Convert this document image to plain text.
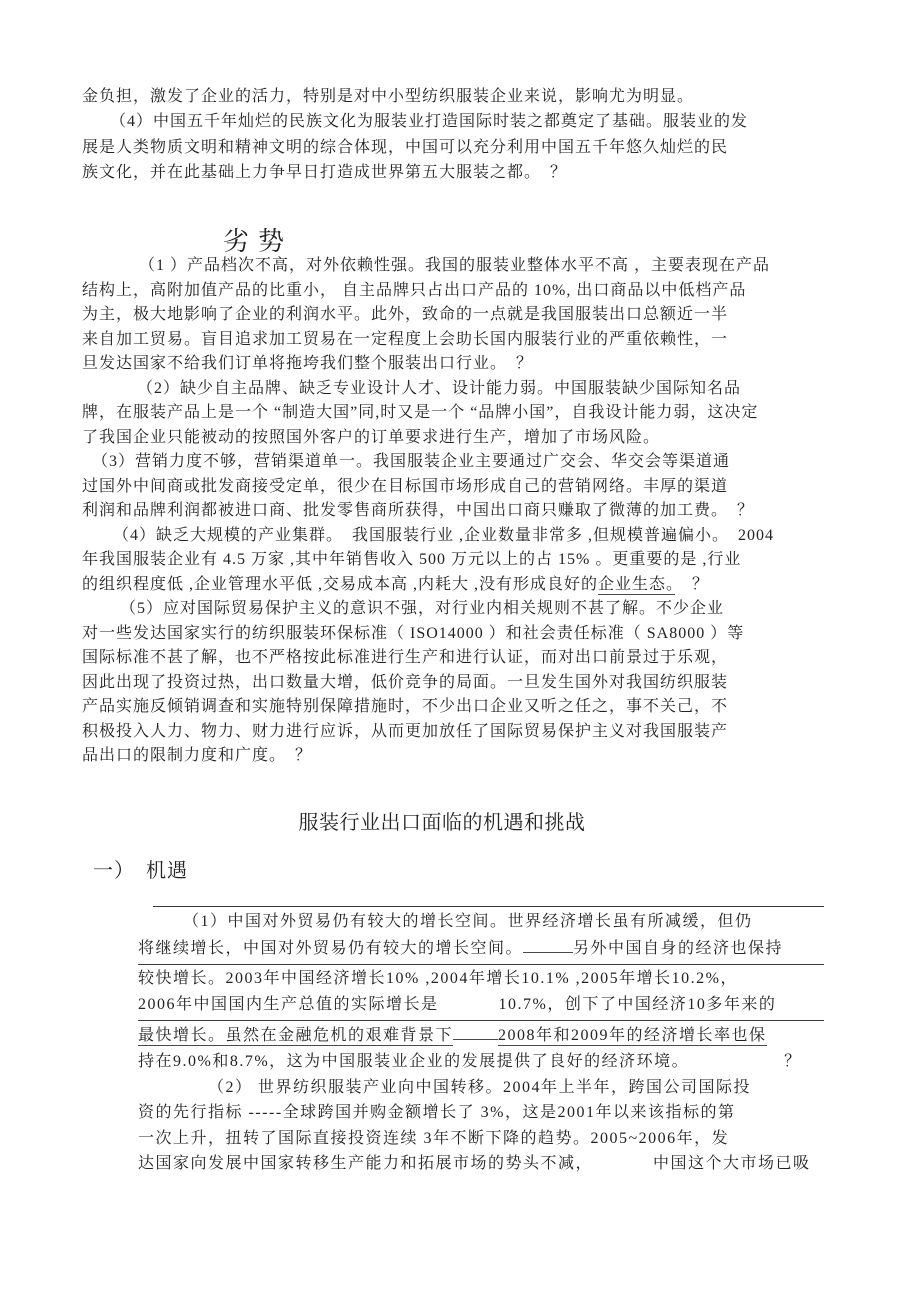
金负担，激发了企业的活力，特别是对中小型纺织服装企业来说，影响尤为明显。
（4）中国五千年灿烂的民族文化为服装业打造国际时装之都奠定了基础。服装业的发
展是人类物质文明和精神文明的综合体现，中国可以充分利用中国五千年悠久灿烂的民
族文化，并在此基础上力争早日打造成世界第五大服装之都。　？
劣势
（1 ）产品档次不高，对外依赖性强。我国的服装业整体水平不高 ，主要表现在产品
结构上，高附加值产品的比重小， 自主品牌只占出口产品的 10%, 出口商品以中低档产品
为主，极大地影响了企业的利润水平。此外，致命的一点就是我国服装出口总额近一半
来自加工贸易。盲目追求加工贸易在一定程度上会助长国内服装行业的严重依赖性，一
旦发达国家不给我们订单将拖垮我们整个服装出口行业。　？
（2）缺少自主品牌、缺乏专业设计人才、设计能力弱。中国服装缺少国际知名品
牌，在服装产品上是一个 “制造大国”同,时又是一个 “品牌小国”，自我设计能力弱，这决定
了我国企业只能被动的按照国外客户的订单要求进行生产，增加了市场风险。
（3）营销力度不够，营销渠道单一。我国服装企业主要通过广交会、华交会等渠道通
过国外中间商或批发商接受定单，很少在目标国市场形成自己的营销网络。丰厚的渠道
利润和品牌利润都被进口商、批发零售商所获得，中国出口商只赚取了微薄的加工费。　？
（4）缺乏大规模的产业集群。　我国服装行业 ,企业数量非常多 ,但规模普遍偏小。　2004
年我国服装企业有 4.5 万家 ,其中年销售收入 500 万元以上的占 15% 。更重要的是 ,行业
的组织程度低 ,企业管理水平低 ,交易成本高 ,内耗大 ,没有形成良好的企业生态。　？
（5）应对国际贸易保护主义的意识不强，对行业内相关规则不甚了解。不少企业
对一些发达国家实行的纺织服装环保标准（ ISO14000 ）和社会责任标准（ SA8000 ）等
国际标准不甚了解，也不严格按此标准进行生产和进行认证，而对出口前景过于乐观，
因此出现了投资过热，出口数量大增，低价竞争的局面。一旦发生国外对我国纺织服装
产品实施反倾销调查和实施特别保障措施时，不少出口企业又听之任之，事不关己，不
积极投入人力、物力、财力进行应诉，从而更加放任了国际贸易保护主义对我国服装产
品出口的限制力度和广度。　？
服装行业出口面临的机遇和挑战
一）　机遇
（1）中国对外贸易仍有较大的增长空间。世界经济增长虽有所减缓，但仍
将继续增长，中国对外贸易仍有较大的增长空间。	另外中国自身的经济也保持
较快增长。2003年中国经济增长10% ,2004年增长10.1% ,2005年增长10.2%，
2006年中国国内生产总值的实际增长是	10.7%，创下了中国经济10多年来的
最快增长。虽然在金融危机的艰难背景下	2008年和2009年的经济增长率也保
持在9.0%和8.7%，这为中国服装业企业的发展提供了良好的经济环境。	？
（2） 世界纺织服装产业向中国转移。2004年上半年，跨国公司国际投
资的先行指标 -----全球跨国并购金额增长了 3%，这是2001年以来该指标的第
一次上升，扭转了国际直接投资连续 3年不断下降的趋势。2005~2006年，发
达国家向发展中国家转移生产能力和拓展市场的势头不减，	中国这个大市场已吸
